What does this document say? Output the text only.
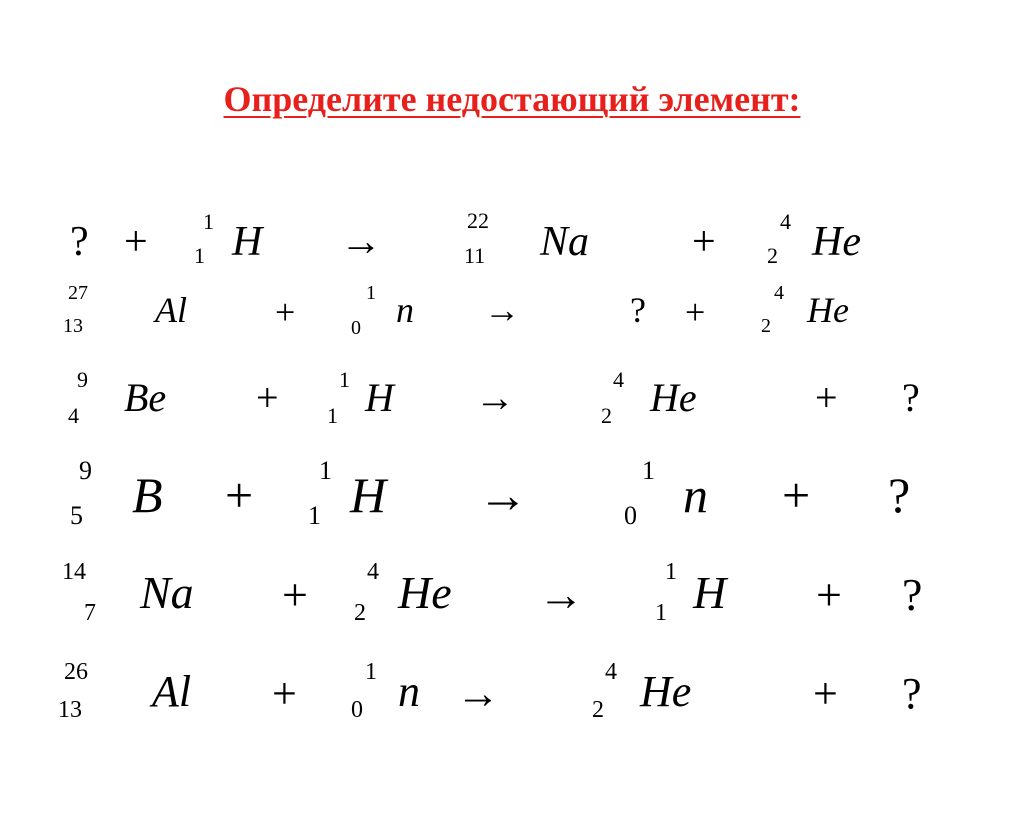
Определите недостающий элемент:
? +	1
1 H →	22
11 Na +	4
2 He
27
13 Al +	1
0 n →	? +	4
2 He
9
4 Be +	1
1 H →	4
2 He	+ ?
9
5 B +	1
1 H →	1
0 n + ?
14
7 Na + 4
2 He →	1
1 H + ?
26
13 Al +	1
0 n →	4
2 He	+ ?
